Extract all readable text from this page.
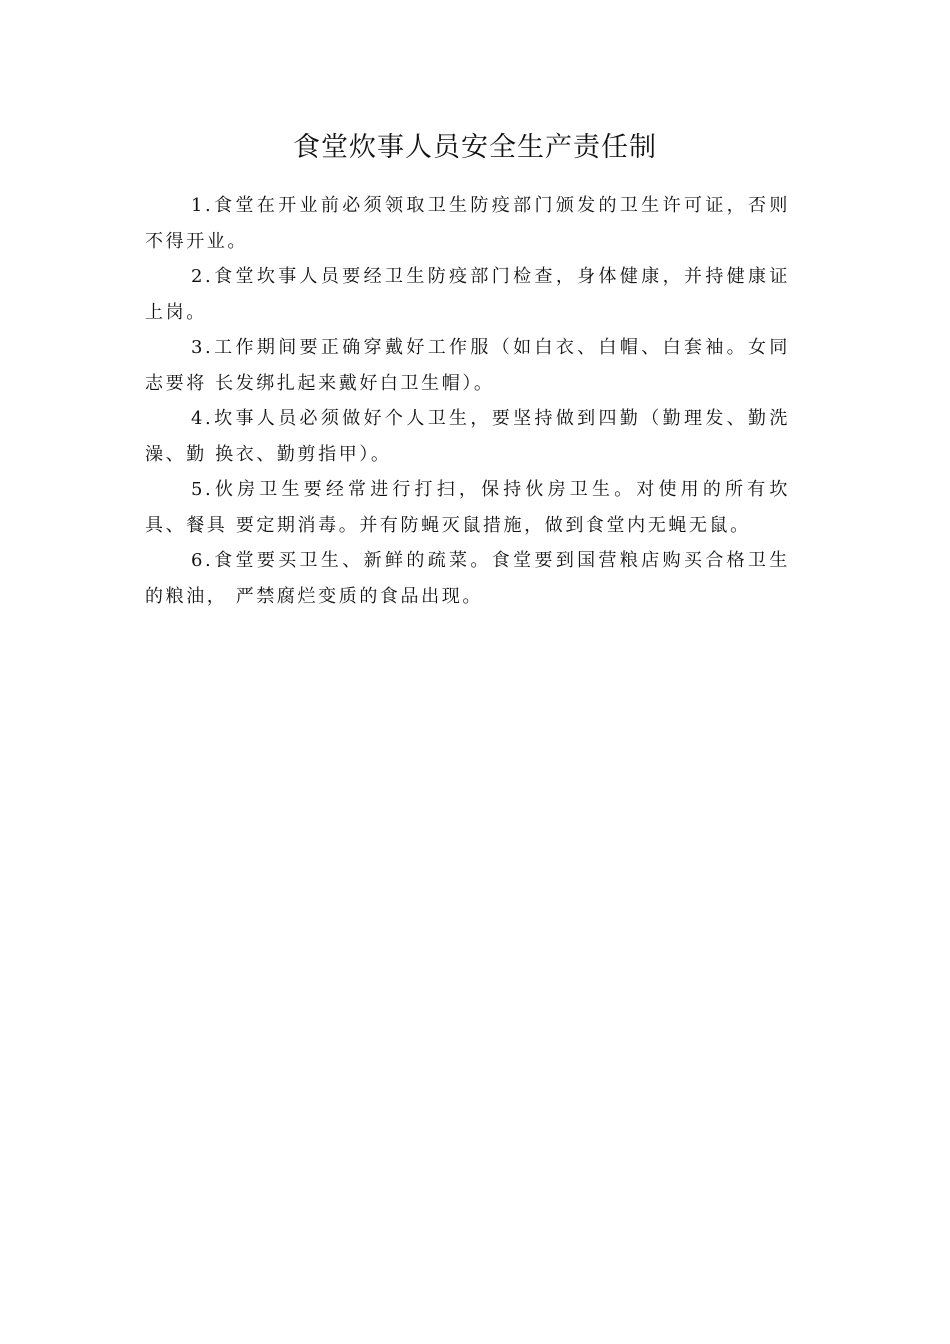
食堂炊事人员安全生产责任制

1.食堂在开业前必须领取卫生防疫部门颁发的卫生许可证，否则不得开业。

2.食堂坎事人员要经卫生防疫部门检查，身体健康，并持健康证上岗。

3.工作期间要正确穿戴好工作服（如白衣、白帽、白套袖。女同志要将 长发绑扎起来戴好白卫生帽）。

4.坎事人员必须做好个人卫生，要坚持做到四勤（勤理发、勤洗澡、勤 换衣、勤剪指甲）。

5.伙房卫生要经常进行打扫，保持伙房卫生。对使用的所有坎具、餐具 要定期消毒。并有防蝇灭鼠措施，做到食堂内无蝇无鼠。

6.食堂要买卫生、新鲜的疏菜。食堂要到国营粮店购买合格卫生的粮油， 严禁腐烂变质的食品出现。
